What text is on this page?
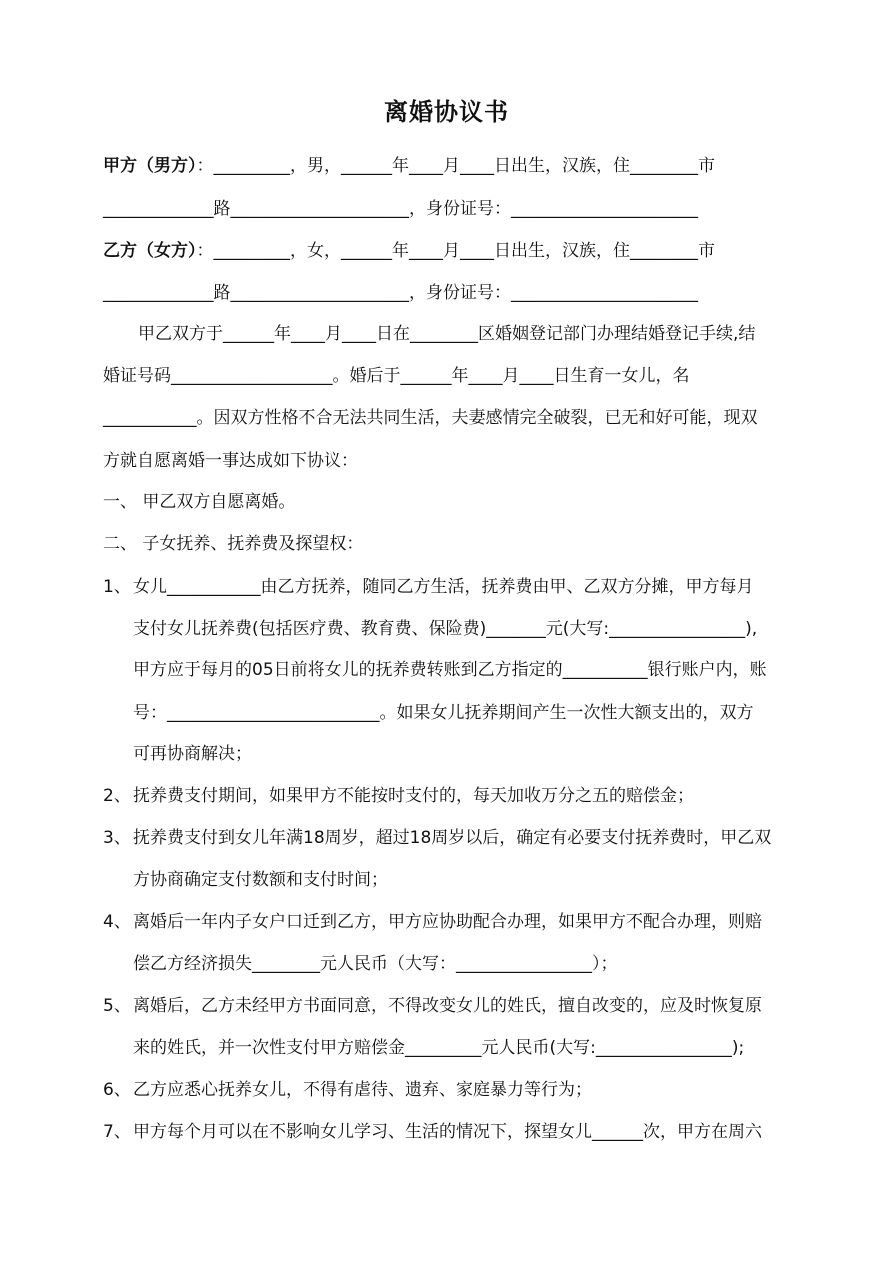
离婚协议书
甲方（男方）：_________，男，______年____月____日出生，汉族，住________市
_____________路_____________________，身份证号：______________________
乙方（女方）：_________，女，______年____月____日出生，汉族，住________市
_____________路_____________________，身份证号：______________________
甲乙双方于______年____月____日在________区婚姻登记部门办理结婚登记手续,结
婚证号码___________________。婚后于______年____月____日生育一女儿，名
___________。因双方性格不合无法共同生活，夫妻感情完全破裂，已无和好可能，现双
方就自愿离婚一事达成如下协议：
一、 甲乙双方自愿离婚。
二、 子女抚养、抚养费及探望权：
1、 女儿___________由乙方抚养，随同乙方生活，抚养费由甲、乙双方分摊，甲方每月
支付女儿抚养费(包括医疗费、教育费、保险费)_______元(大写:________________),
甲方应于每月的05日前将女儿的抚养费转账到乙方指定的__________银行账户内，账
号：_________________________。如果女儿抚养期间产生一次性大额支出的，双方
可再协商解决；
2、 抚养费支付期间，如果甲方不能按时支付的，每天加收万分之五的赔偿金；
3、 抚养费支付到女儿年满18周岁，超过18周岁以后，确定有必要支付抚养费时，甲乙双
方协商确定支付数额和支付时间；
4、 离婚后一年内子女户口迁到乙方，甲方应协助配合办理，如果甲方不配合办理，则赔
偿乙方经济损失________元人民币（大写：________________）；
5、 离婚后，乙方未经甲方书面同意，不得改变女儿的姓氏，擅自改变的，应及时恢复原
来的姓氏，并一次性支付甲方赔偿金_________元人民币(大写:________________);
6、 乙方应悉心抚养女儿，不得有虐待、遗弃、家庭暴力等行为；
7、 甲方每个月可以在不影响女儿学习、生活的情况下，探望女儿______次，甲方在周六
